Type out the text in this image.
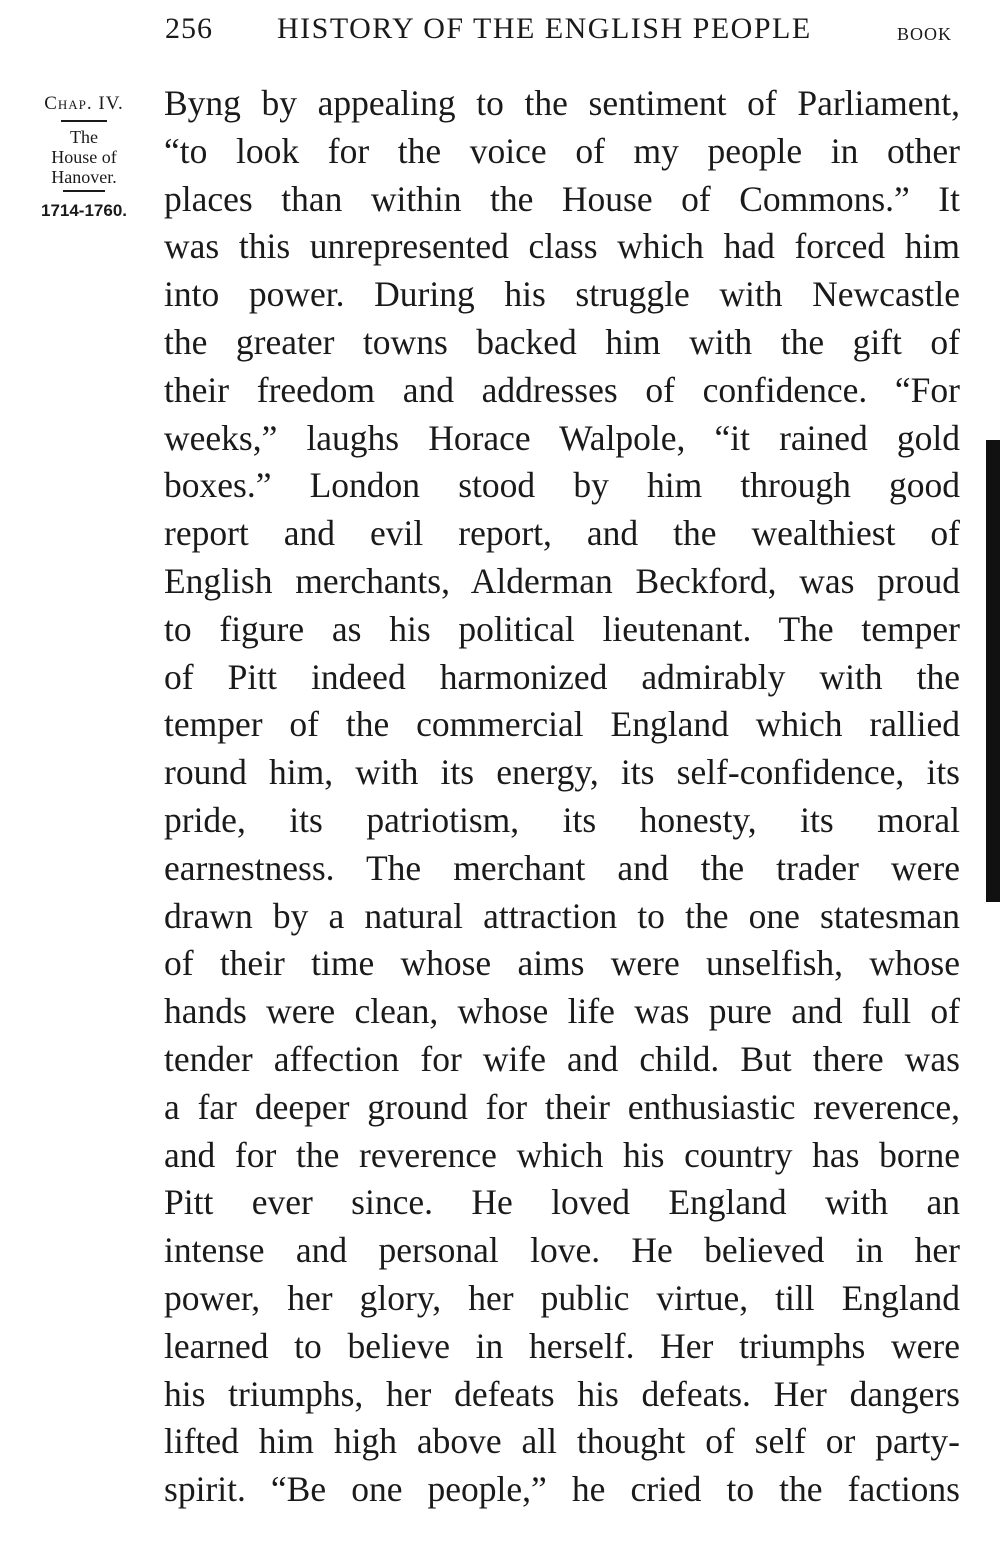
256 HISTORY OF THE ENGLISH PEOPLE	BOOK
Chap. IV.
The
House of
Hanover.
1714-1760.
Byng by appealing to the sentiment of Parliament,
“to look for the voice of my people in other
places than within the House of Commons.” It
was this unrepresented class which had forced him
into power. During his struggle with Newcastle
the greater towns backed him with the gift of
their freedom and addresses of confidence. “For
weeks,” laughs Horace Walpole, “it rained gold
boxes.” London stood by him through good
report and evil report, and the wealthiest of
English merchants, Alderman Beckford, was proud
to figure as his political lieutenant. The temper
of Pitt indeed harmonized admirably with the
temper of the commercial England which rallied
round him, with its energy, its self-confidence, its
pride, its patriotism, its honesty, its moral
earnestness. The merchant and the trader were
drawn by a natural attraction to the one statesman
of their time whose aims were unselfish, whose
hands were clean, whose life was pure and full of
tender affection for wife and child. But there was
a far deeper ground for their enthusiastic reverence,
and for the reverence which his country has borne
Pitt ever since. He loved England with an
intense and personal love. He believed in her
power, her glory, her public virtue, till England
learned to believe in herself. Her triumphs were
his triumphs, her defeats his defeats. Her dangers
lifted him high above all thought of self or party-
spirit. “Be one people,” he cried to the factions
